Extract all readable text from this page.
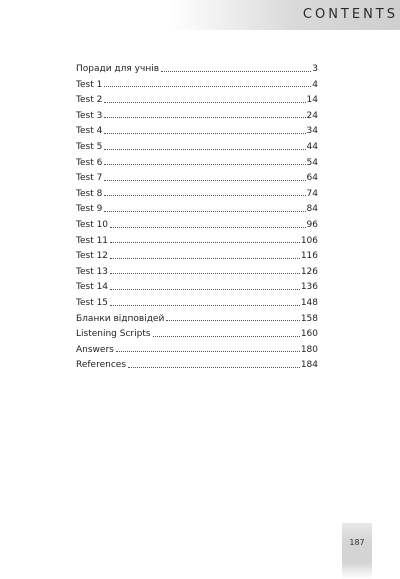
CONTENTS
Поради для учнів	3
Test 1	4
Test 2	14
Test 3	24
Test 4	34
Test 5	44
Test 6	54
Test 7	64
Test 8	74
Test 9	84
Test 10	96
Test 11	106
Test 12	116
Test 13	126
Test 14	136
Test 15	148
Бланки відповідей	158
Listening Scripts	160
Answers	180
References	184
187
